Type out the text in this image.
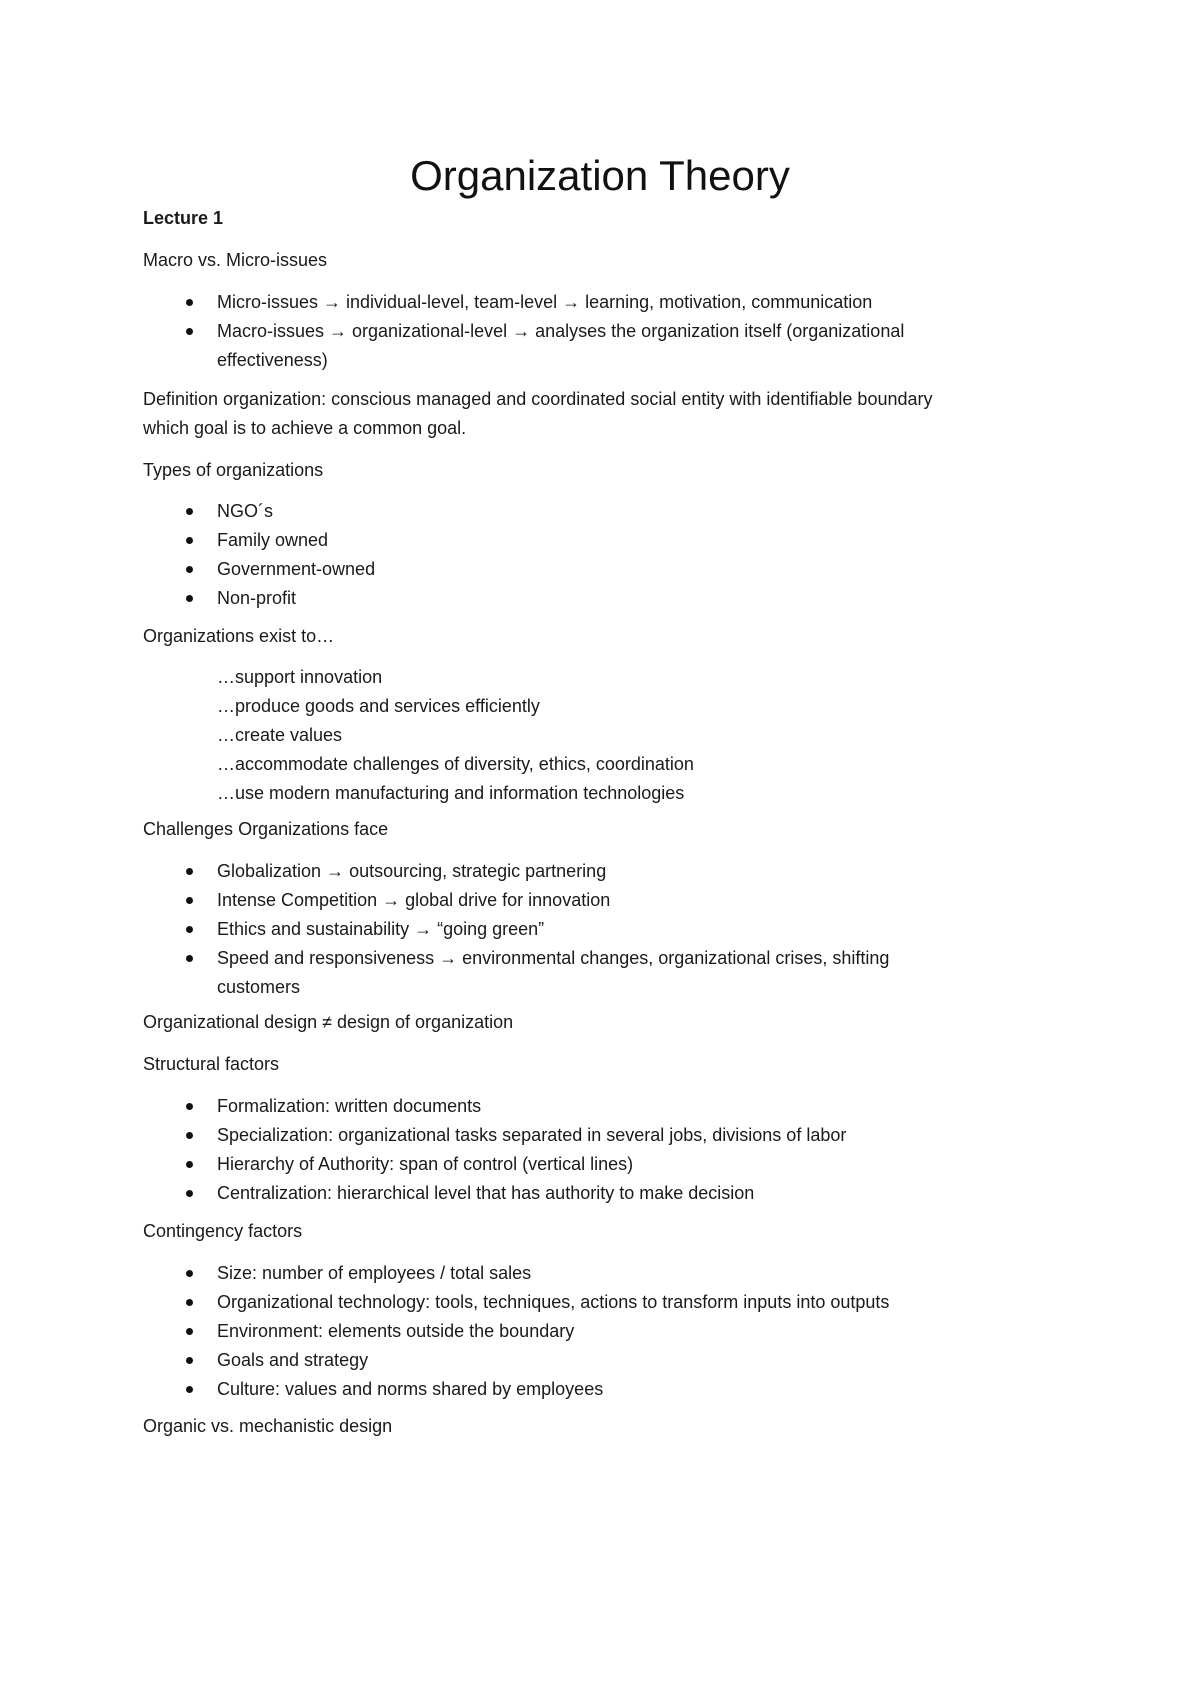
Organization Theory

Lecture 1

Macro vs. Micro-issues

Micro-issues → individual-level, team-level → learning, motivation, communication
Macro-issues → organizational-level → analyses the organization itself (organizational
effectiveness)

Definition organization: conscious managed and coordinated social entity with identifiable boundary

which goal is to achieve a common goal.

Types of organizations

NGO´s
Family owned
Government-owned
Non-profit

Organizations exist to…

…support innovation
…produce goods and services efficiently
…create values
…accommodate challenges of diversity, ethics, coordination
…use modern manufacturing and information technologies

Challenges Organizations face

Globalization → outsourcing, strategic partnering
Intense Competition → global drive for innovation
Ethics and sustainability → “going green”
Speed and responsiveness → environmental changes, organizational crises, shifting
customers

Organizational design ≠ design of organization

Structural factors

Formalization: written documents
Specialization: organizational tasks separated in several jobs, divisions of labor
Hierarchy of Authority: span of control (vertical lines)
Centralization: hierarchical level that has authority to make decision

Contingency factors

Size: number of employees / total sales
Organizational technology: tools, techniques, actions to transform inputs into outputs
Environment: elements outside the boundary
Goals and strategy
Culture: values and norms shared by employees

Organic vs. mechanistic design
